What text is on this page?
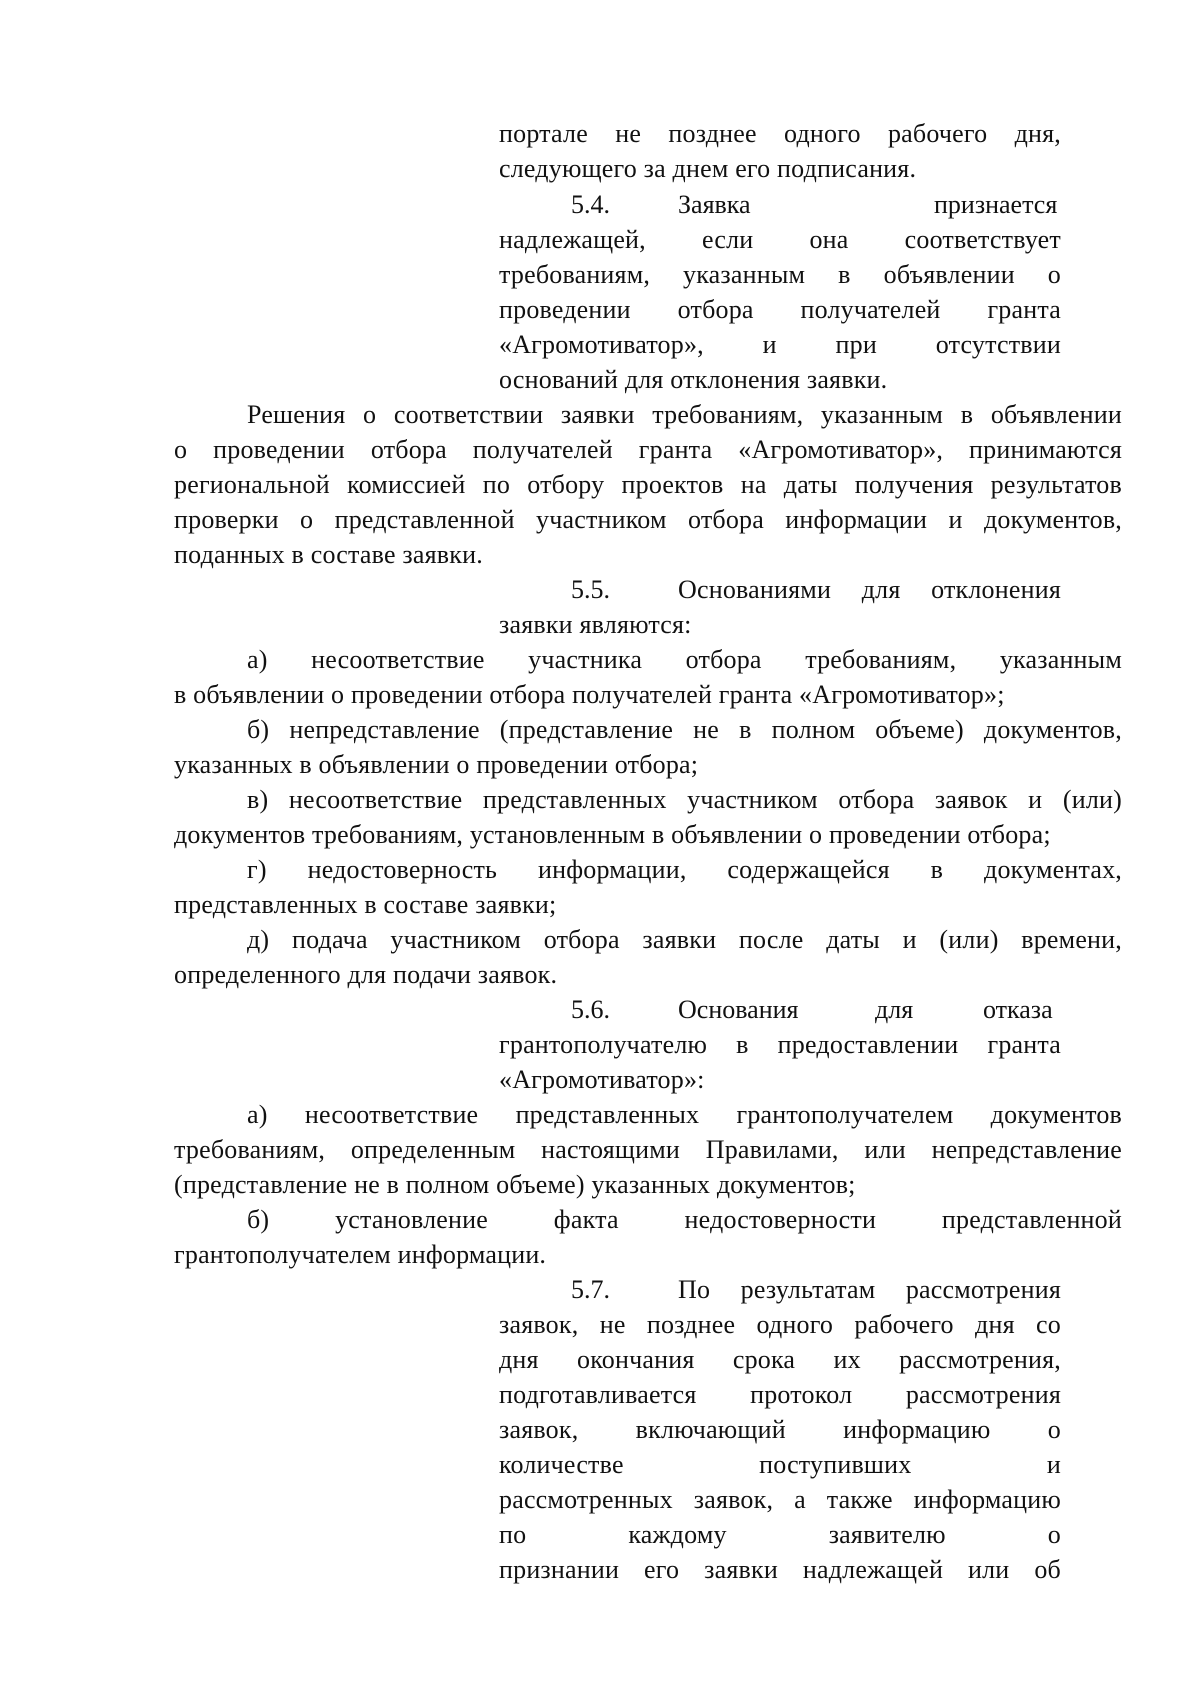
портале не позднее одного рабочего дня,
следующего за днем его подписания.
5.4.	Заявка	признается
надлежащей, если она соответствует
требованиям, указанным в объявлении о
проведении отбора получателей гранта
«Агромотиватор», и при отсутствии
оснований для отклонения заявки.
Решения о соответствии заявки требованиям, указанным в объявлении
о проведении отбора получателей гранта «Агромотиватор», принимаются
региональной комиссией по отбору проектов на даты получения результатов
проверки о представленной участником отбора информации и документов,
поданных в составе заявки.
5.5.	Основаниями для отклонения
заявки являются:
а) несоответствие участника отбора требованиям, указанным
в объявлении о проведении отбора получателей гранта «Агромотиватор»;
б) непредставление (представление не в полном объеме) документов,
указанных в объявлении о проведении отбора;
в) несоответствие представленных участником отбора заявок и (или)
документов требованиям, установленным в объявлении о проведении отбора;
г) недостоверность информации, содержащейся в документах,
представленных в составе заявки;
д) подача участником отбора заявки после даты и (или) времени,
определенного для подачи заявок.
5.6.	Основания	для	отказа
грантополучателю в предоставлении гранта
«Агромотиватор»:
а) несоответствие представленных грантополучателем документов
требованиям, определенным настоящими Правилами, или непредставление
(представление не в полном объеме) указанных документов;
б) установление факта недостоверности представленной
грантополучателем информации.
5.7.	По результатам рассмотрения
заявок, не позднее одного рабочего дня со
дня окончания срока их рассмотрения,
подготавливается протокол рассмотрения
заявок, включающий информацию о
количестве поступивших и
рассмотренных заявок, а также информацию
по каждому заявителю о
признании его заявки надлежащей или об
